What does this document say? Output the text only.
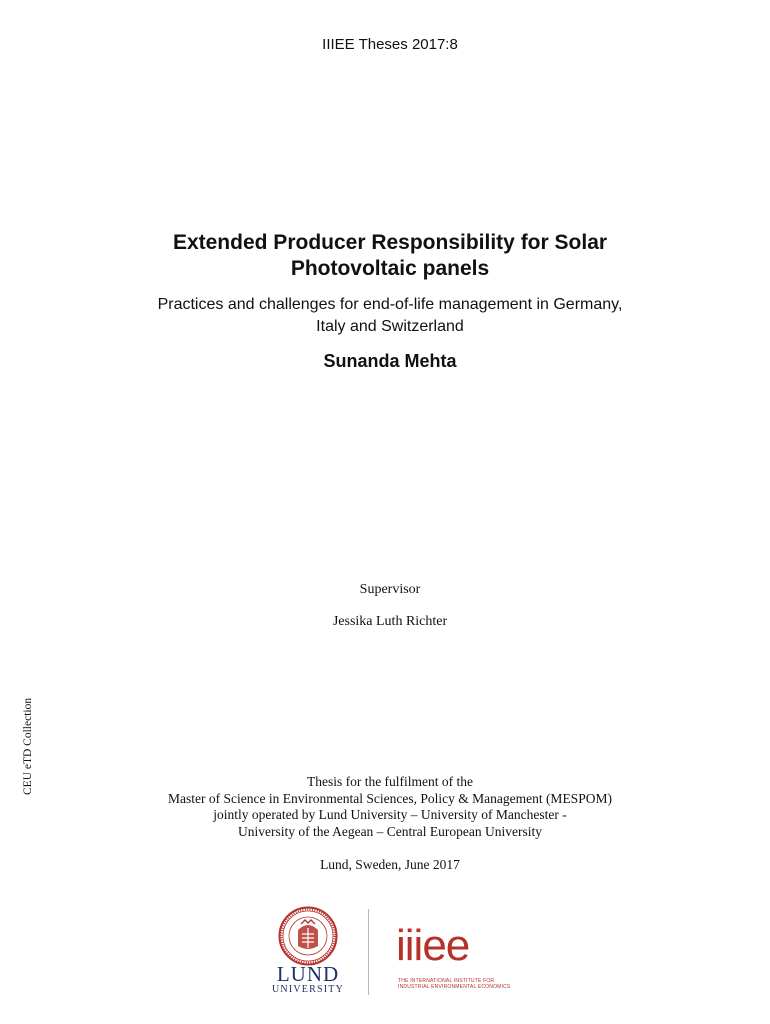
IIIEE Theses 2017:8
Extended Producer Responsibility for Solar
Photovoltaic panels
Practices and challenges for end-of-life management in Germany,
Italy and Switzerland
Sunanda Mehta
Supervisor
Jessika Luth Richter
CEU eTD Collection	Thesis for the fulfilment of the
Master of Science in Environmental Sciences, Policy & Management (MESPOM)
jointly operated by Lund University – University of Manchester -
University of the Aegean – Central European University
Lund, Sweden, June 2017
LUND
UNIVERSITY
iiiee
THE INTERNATIONAL INSTITUTE FOR
INDUSTRIAL ENVIRONMENTAL ECONOMICS
